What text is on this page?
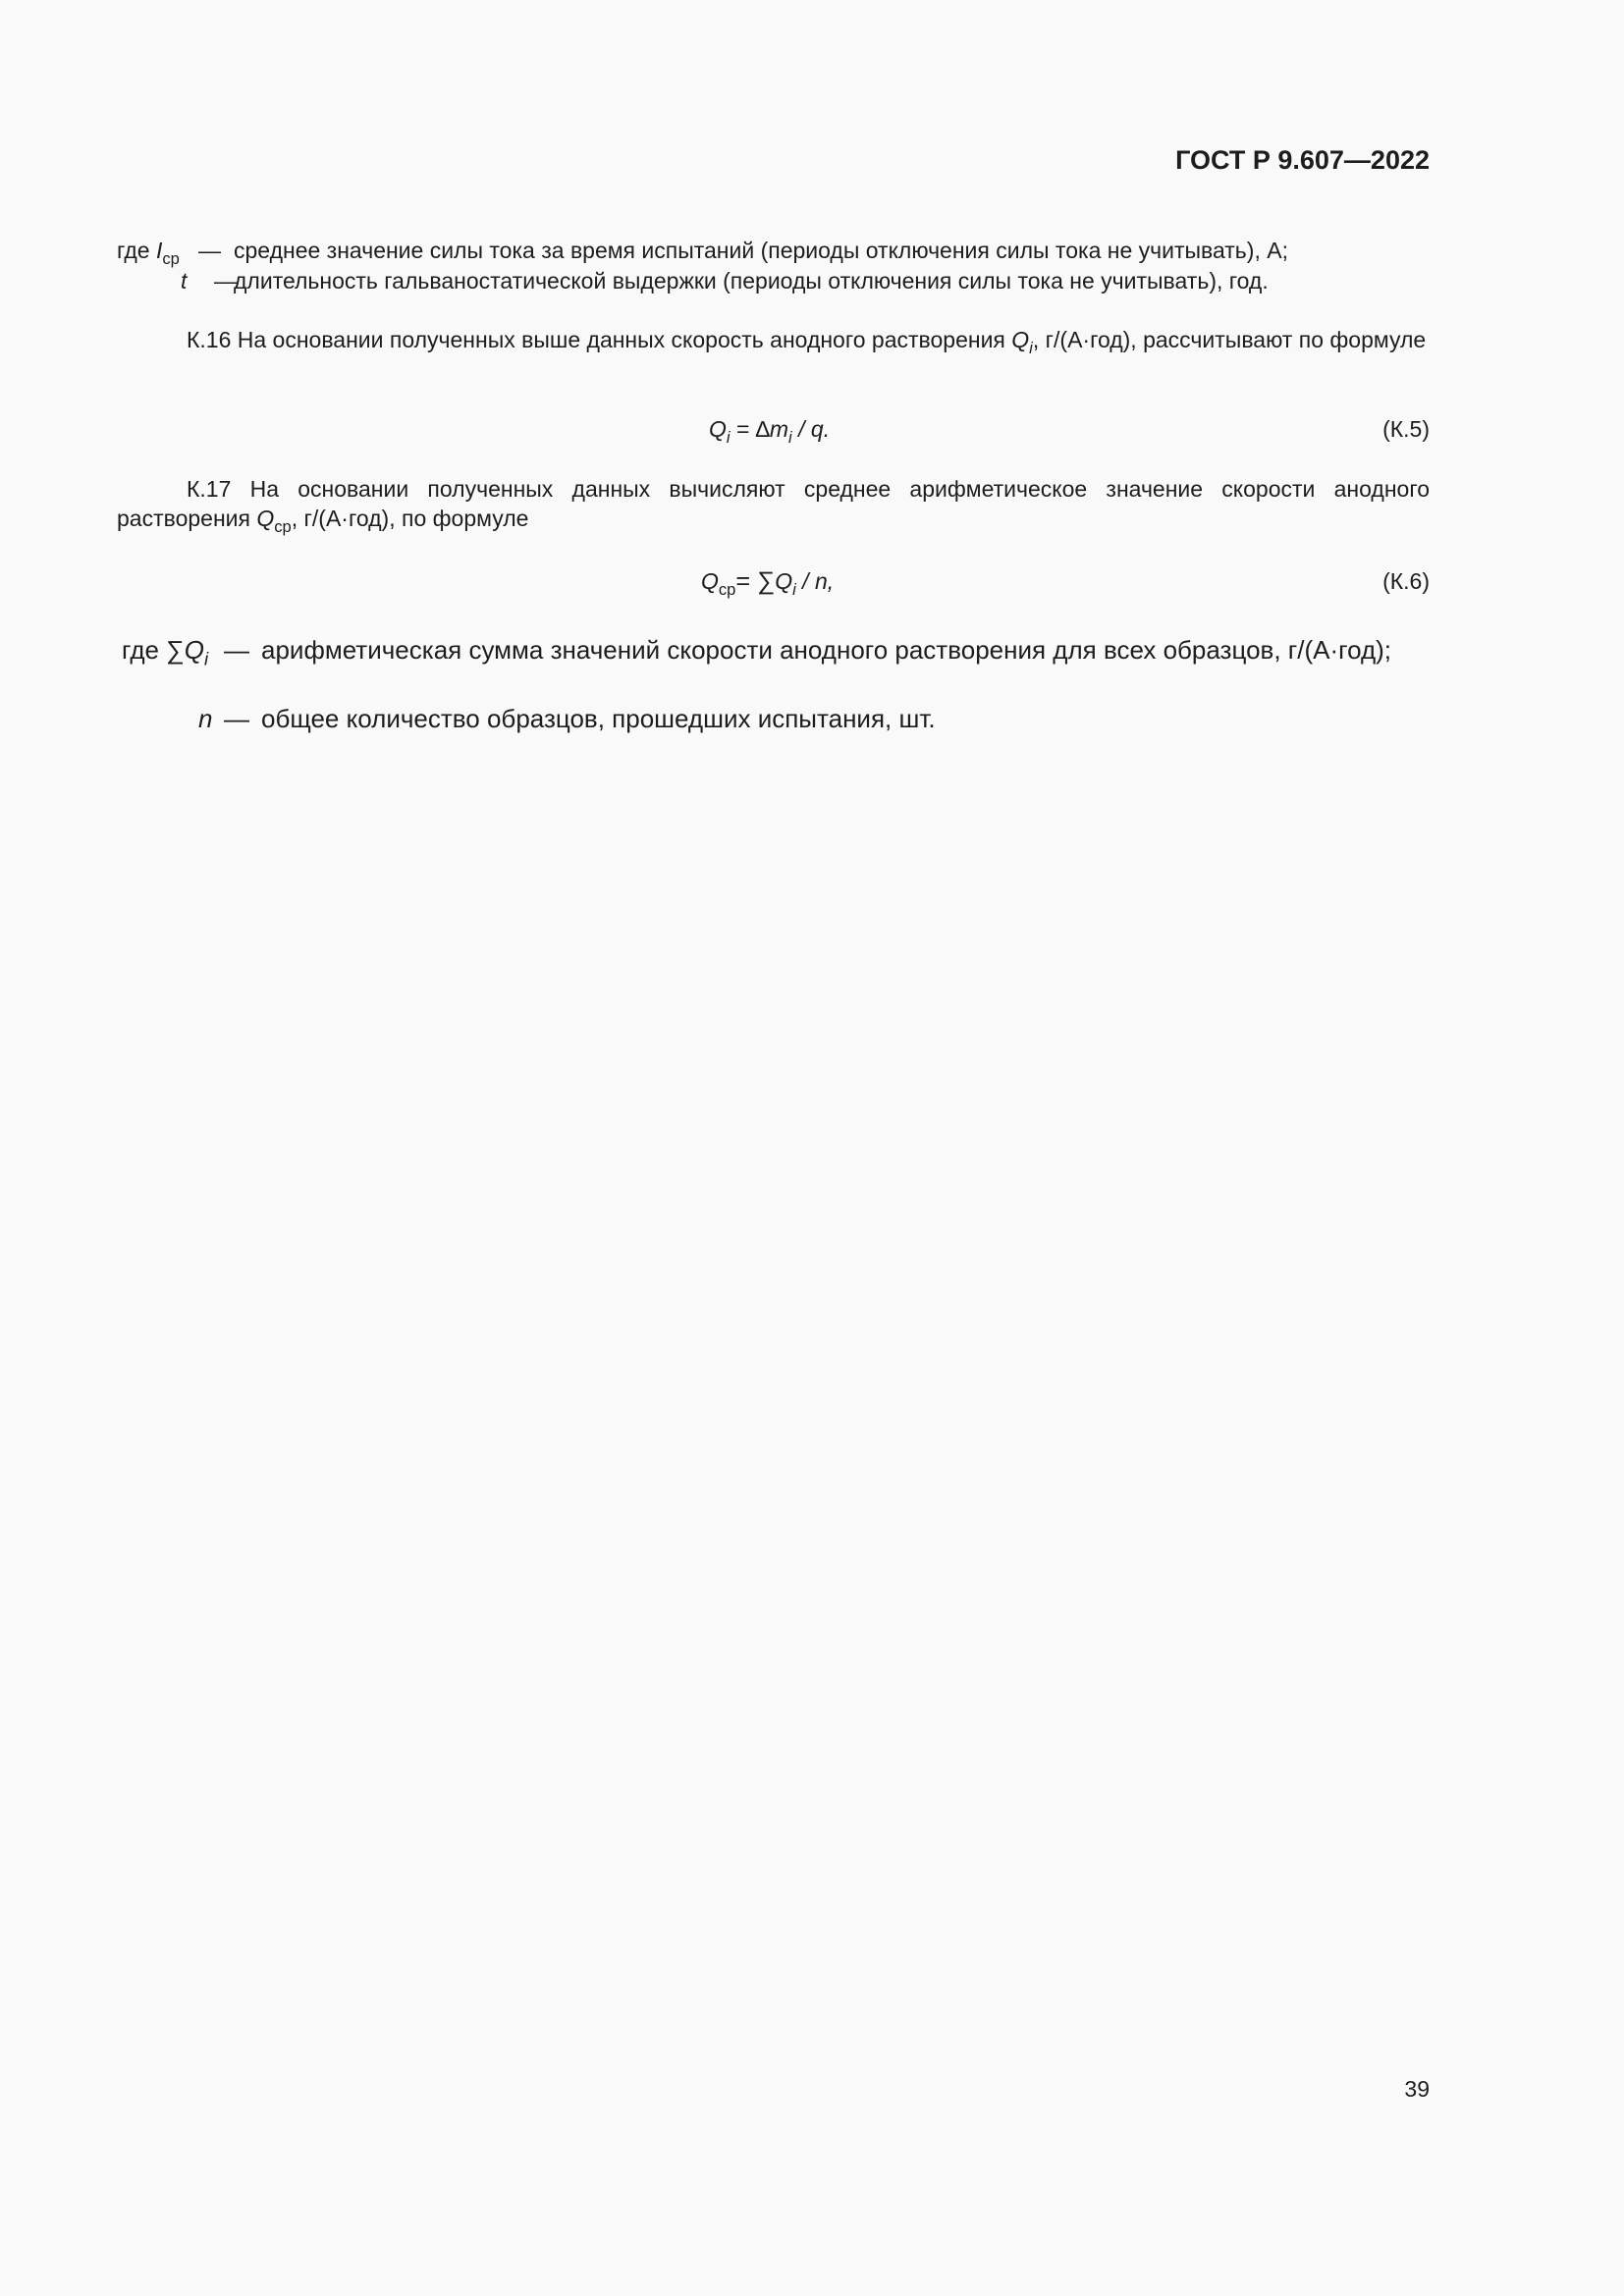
ГОСТ Р 9.607—2022
где $I_{ср}$ — среднее значение силы тока за время испытаний (периоды отключения силы тока не учитывать), А;
t —
длительность гальваностатической выдержки (периоды отключения силы тока не учитывать), год.
К.16 На основании полученных выше данных скорость анодного растворения $Q_i$, г/(А·год), рассчитывают по формуле
$Q_i = \Delta m_i / q$.	(К.5)
К.17 На основании полученных данных вычисляют среднее арифметическое значение скорости анодного растворения $Q_{ср}$, г/(А·год), по формуле
$Q_{ср}= \sum Q_i / n$,	(К.6)
где $\sum Q_i$ — арифметическая сумма значений скорости анодного растворения для всех образцов, г/(А·год);
n — общее количество образцов, прошедших испытания, шт.
39
